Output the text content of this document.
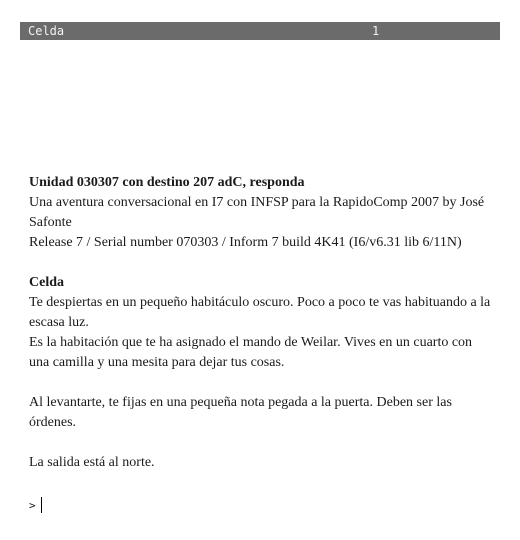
Celda	1

Unidad 030307 con destino 207 adC, responda

Una aventura conversacional en I7 con INFSP para la RapidoComp 2007 by José Safonte

Release 7 / Serial number 070303 / Inform 7 build 4K41 (I6/v6.31 lib 6/11N)

Celda

Te despiertas en un pequeño habitáculo oscuro. Poco a poco te vas habituando a la escasa luz.

Es la habitación que te ha asignado el mando de Weilar. Vives en un cuarto con una camilla y una mesita para dejar tus cosas.

Al levantarte, te fijas en una pequeña nota pegada a la puerta. Deben ser las órdenes.

La salida está al norte.

>
